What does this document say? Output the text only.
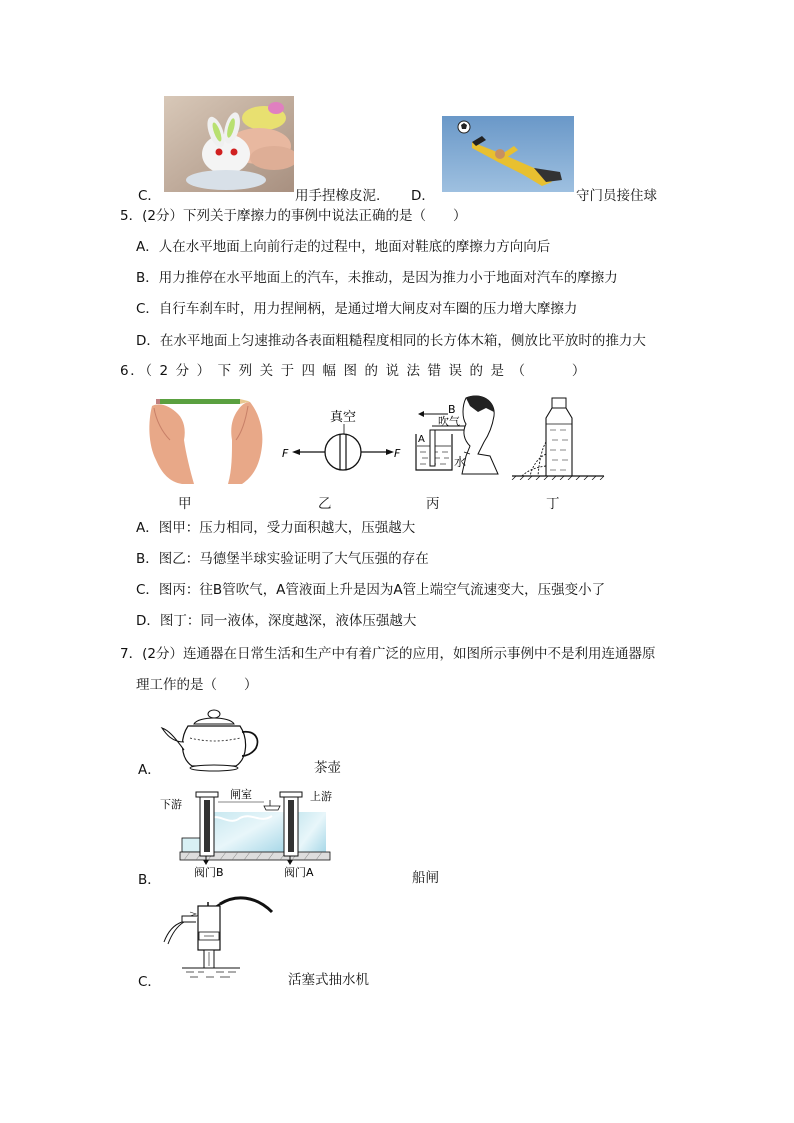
C．	用手捏橡皮泥. D．	守门员接住球
5．(2分）下列关于摩擦力的事例中说法正确的是（　　）
A．人在水平地面上向前行走的过程中，地面对鞋底的摩擦力方向向后
B．用力推停在水平地面上的汽车，未推动，是因为推力小于地面对汽车的摩擦力
C．自行车刹车时，用力捏闸柄，是通过增大闸皮对车圈的压力增大摩擦力
D．在水平地面上匀速推动各表面粗糙程度相同的长方体木箱，侧放比平放时的推力大
6．（ 2 分 ） 下 列 关 于 四 幅 图 的 说 法 错 误 的 是 （　　　）
F	F
真空
B
A
吹气
水
甲	乙	丙	丁
A．图甲：压力相同，受力面积越大，压强越大
B．图乙：马德堡半球实验证明了大气压强的存在
C．图丙：往B管吹气，A管液面上升是因为A管上端空气流速变大，压强变小了
D．图丁：同一液体，深度越深，液体压强越大
7．(2分）连通器在日常生活和生产中有着广泛的应用，如图所示事例中不是利用连通器原
理工作的是（　　）
A．	茶壶
下游
闸室	上游
阀门B	阀门A
B．	船闸
C．	活塞式抽水机
